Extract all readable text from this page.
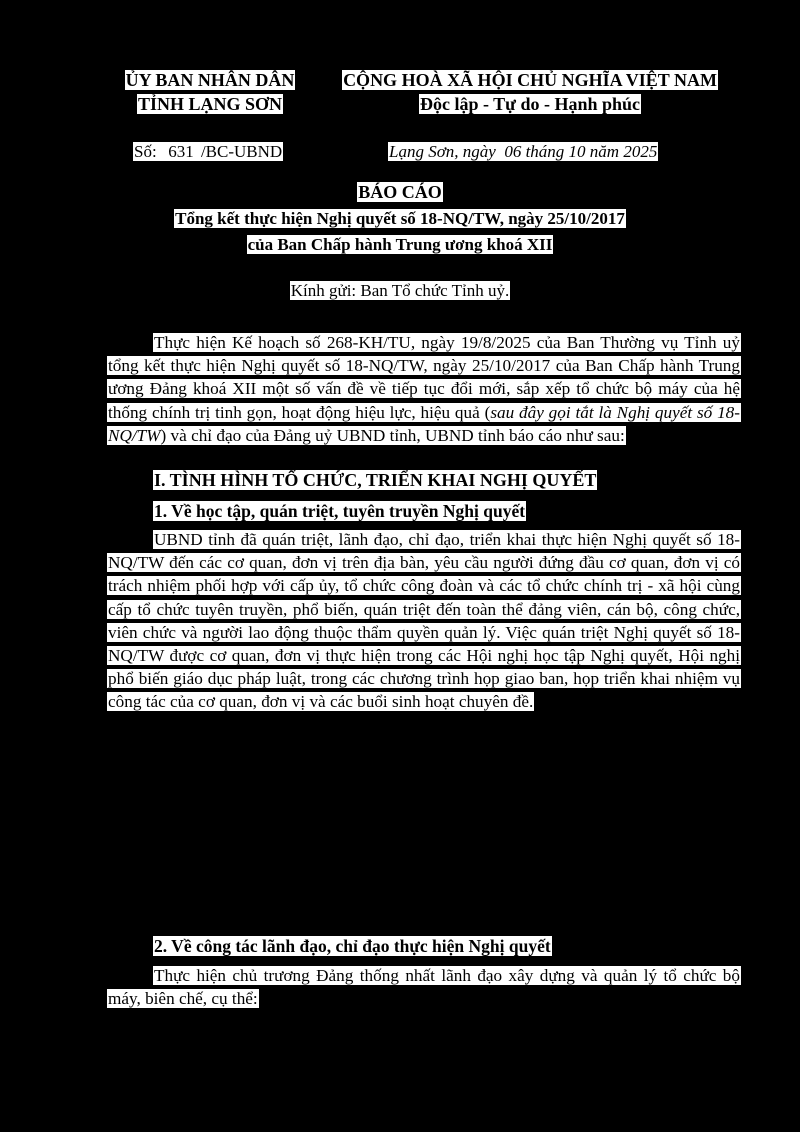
ỦY BAN NHÂN DÂN
TỈNH LẠNG SƠN
CỘNG HOÀ XÃ HỘI CHỦ NGHĨA VIỆT NAM
Độc lập - Tự do - Hạnh phúc
Số: 631 /BC-UBND	Lạng Sơn, ngày 06 tháng 10 năm 2025
BÁO CÁO
Tổng kết thực hiện Nghị quyết số 18-NQ/TW, ngày 25/10/2017
của Ban Chấp hành Trung ương khoá XII
Kính gửi: Ban Tổ chức Tỉnh uỷ.
Thực hiện Kế hoạch số 268-KH/TU, ngày 19/8/2025 của Ban Thường vụ Tỉnh uỷ tổng kết thực hiện Nghị quyết số 18-NQ/TW, ngày 25/10/2017 của Ban Chấp hành Trung ương Đảng khoá XII một số vấn đề về tiếp tục đổi mới, sắp xếp tổ chức bộ máy của hệ thống chính trị tinh gọn, hoạt động hiệu lực, hiệu quả (sau đây gọi tắt là Nghị quyết số 18-NQ/TW) và chỉ đạo của Đảng uỷ UBND tỉnh, UBND tỉnh báo cáo như sau:
I. TÌNH HÌNH TỔ CHỨC, TRIỂN KHAI NGHỊ QUYẾT
1. Về học tập, quán triệt, tuyên truyền Nghị quyết
UBND tỉnh đã quán triệt, lãnh đạo, chỉ đạo, triển khai thực hiện Nghị quyết số 18-NQ/TW đến các cơ quan, đơn vị trên địa bàn, yêu cầu người đứng đầu cơ quan, đơn vị có trách nhiệm phối hợp với cấp ủy, tổ chức công đoàn và các tổ chức chính trị - xã hội cùng cấp tổ chức tuyên truyền, phổ biến, quán triệt đến toàn thể đảng viên, cán bộ, công chức, viên chức và người lao động thuộc thẩm quyền quản lý. Việc quán triệt Nghị quyết số 18-NQ/TW được cơ quan, đơn vị thực hiện trong các Hội nghị học tập Nghị quyết, Hội nghị phổ biến giáo dục pháp luật, trong các chương trình họp giao ban, họp triển khai nhiệm vụ công tác của cơ quan, đơn vị và các buổi sinh hoạt chuyên đề.
2. Về công tác lãnh đạo, chỉ đạo thực hiện Nghị quyết
Thực hiện chủ trương Đảng thống nhất lãnh đạo xây dựng và quản lý tổ chức bộ máy, biên chế, cụ thể:
